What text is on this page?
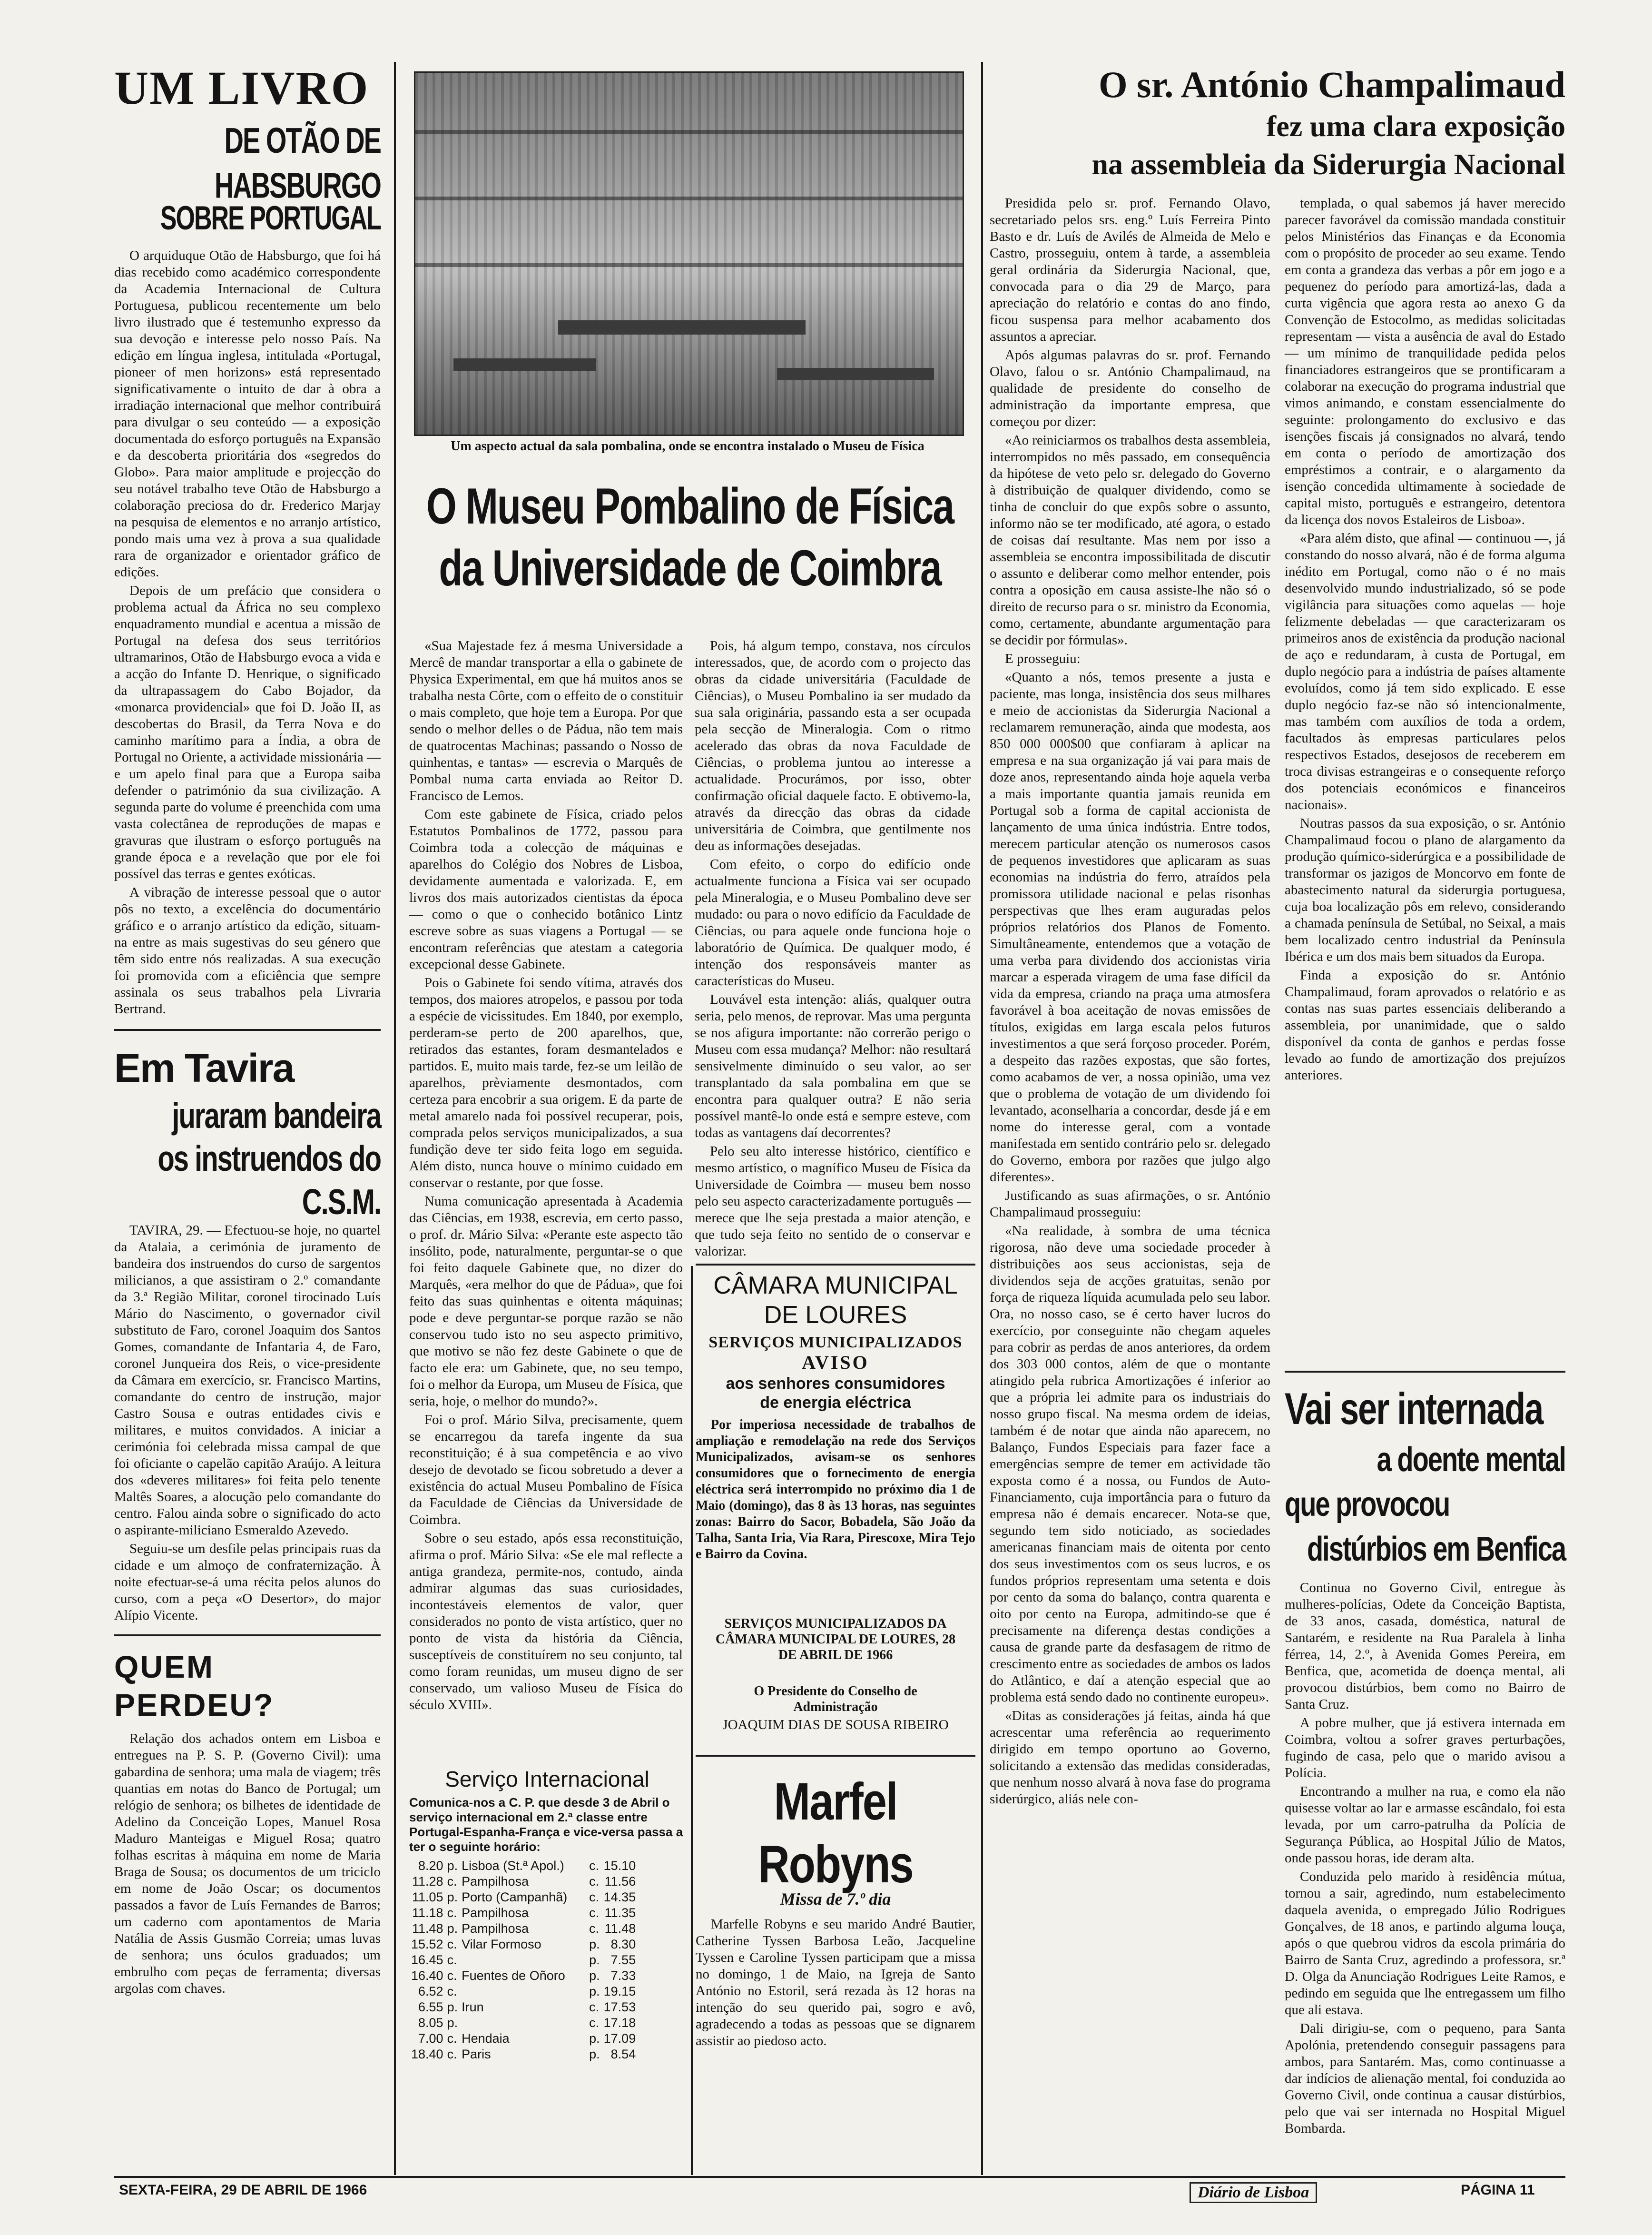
UM LIVRO
DE OTÃO DE HABSBURGO
SOBRE PORTUGAL

O arquiduque Otão de Habsburgo, que foi há dias recebido como académico correspondente da Academia Internacional de Cultura Portuguesa, publicou recentemente um belo livro ilustrado que é testemunho expresso da sua devoção e interesse pelo nosso País. Na edição em língua inglesa, intitulada «Portugal, pioneer of men horizons» está representado significativamente o intuito de dar à obra a irradiação internacional que melhor contribuirá para divulgar o seu conteúdo — a exposição documentada do esforço português na Expansão e da descoberta prioritária dos «segredos do Globo». Para maior amplitude e projecção do seu notável trabalho teve Otão de Habsburgo a colaboração preciosa do dr. Frederico Marjay na pesquisa de elementos e no arranjo artístico, pondo mais uma vez à prova a sua qualidade rara de organizador e orientador gráfico de edições.

Depois de um prefácio que considera o problema actual da África no seu complexo enquadramento mundial e acentua a missão de Portugal na defesa dos seus territórios ultramarinos, Otão de Habsburgo evoca a vida e a acção do Infante D. Henrique, o significado da ultrapassagem do Cabo Bojador, da «monarca providencial» que foi D. João II, as descobertas do Brasil, da Terra Nova e do caminho marítimo para a Índia, a obra de Portugal no Oriente, a actividade missionária — e um apelo final para que a Europa saiba defender o património da sua civilização. A segunda parte do volume é preenchida com uma vasta colectânea de reproduções de mapas e gravuras que ilustram o esforço português na grande época e a revelação que por ele foi possível das terras e gentes exóticas.

A vibração de interesse pessoal que o autor pôs no texto, a excelência do documentário gráfico e o arranjo artístico da edição, situam-na entre as mais sugestivas do seu género que têm sido entre nós realizadas. A sua execução foi promovida com a eficiência que sempre assinala os seus trabalhos pela Livraria Bertrand.

Em Tavira
juraram bandeira
os instruendos do C.S.M.

TAVIRA, 29. — Efectuou-se hoje, no quartel da Atalaia, a cerimónia de juramento de bandeira dos instruendos do curso de sargentos milicianos, a que assistiram o 2.º comandante da 3.ª Região Militar, coronel tirocinado Luís Mário do Nascimento, o governador civil substituto de Faro, coronel Joaquim dos Santos Gomes, comandante de Infantaria 4, de Faro, coronel Junqueira dos Reis, o vice-presidente da Câmara em exercício, sr. Francisco Martins, comandante do centro de instrução, major Castro Sousa e outras entidades civis e militares, e muitos convidados. A iniciar a cerimónia foi celebrada missa campal de que foi oficiante o capelão capitão Araújo. A leitura dos «deveres militares» foi feita pelo tenente Maltês Soares, a alocução pelo comandante do centro. Falou ainda sobre o significado do acto o aspirante-miliciano Esmeraldo Azevedo.

Seguiu-se um desfile pelas principais ruas da cidade e um almoço de confraternização. À noite efectuar-se-á uma récita pelos alunos do curso, com a peça «O Desertor», do major Alípio Vicente.

QUEM PERDEU?

Relação dos achados ontem em Lisboa e entregues na P. S. P. (Governo Civil): uma gabardina de senhora; uma mala de viagem; três quantias em notas do Banco de Portugal; um relógio de senhora; os bilhetes de identidade de Adelino da Conceição Lopes, Manuel Rosa Maduro Manteigas e Miguel Rosa; quatro folhas escritas à máquina em nome de Maria Braga de Sousa; os documentos de um triciclo em nome de João Oscar; os documentos passados a favor de Luís Fernandes de Barros; um caderno com apontamentos de Maria Natália de Assis Gusmão Correia; umas luvas de senhora; uns óculos graduados; um embrulho com peças de ferramenta; diversas argolas com chaves.

Um aspecto actual da sala pombalina, onde se encontra instalado o Museu de Física
O Museu Pombalino de Física
da Universidade de Coimbra

«Sua Majestade fez á mesma Universidade a Mercê de mandar transportar a ella o gabinete de Physica Experimental, em que há muitos anos se trabalha nesta Côrte, com o effeito de o constituir o mais completo, que hoje tem a Europa. Por que sendo o melhor delles o de Pádua, não tem mais de quatrocentas Machinas; passando o Nosso de quinhentas, e tantas» — escrevia o Marquês de Pombal numa carta enviada ao Reitor D. Francisco de Lemos.

Com este gabinete de Física, criado pelos Estatutos Pombalinos de 1772, passou para Coimbra toda a colecção de máquinas e aparelhos do Colégio dos Nobres de Lisboa, devidamente aumentada e valorizada. E, em livros dos mais autorizados cientistas da época — como o que o conhecido botânico Lintz escreve sobre as suas viagens a Portugal — se encontram referências que atestam a categoria excepcional desse Gabinete.

Pois o Gabinete foi sendo vítima, através dos tempos, dos maiores atropelos, e passou por toda a espécie de vicissitudes. Em 1840, por exemplo, perderam-se perto de 200 aparelhos, que, retirados das estantes, foram desmantelados e partidos. E, muito mais tarde, fez-se um leilão de aparelhos, prèviamente desmontados, com certeza para encobrir a sua origem. E da parte de metal amarelo nada foi possível recuperar, pois, comprada pelos serviços municipalizados, a sua fundição deve ter sido feita logo em seguida. Além disto, nunca houve o mínimo cuidado em conservar o restante, por que fosse.

Numa comunicação apresentada à Academia das Ciências, em 1938, escrevia, em certo passo, o prof. dr. Mário Silva: «Perante este aspecto tão insólito, pode, naturalmente, perguntar-se o que foi feito daquele Gabinete que, no dizer do Marquês, «era melhor do que de Pádua», que foi feito das suas quinhentas e oitenta máquinas; pode e deve perguntar-se porque razão se não conservou tudo isto no seu aspecto primitivo, que motivo se não fez deste Gabinete o que de facto ele era: um Gabinete, que, no seu tempo, foi o melhor da Europa, um Museu de Física, que seria, hoje, o melhor do mundo?».

Foi o prof. Mário Silva, precisamente, quem se encarregou da tarefa ingente da sua reconstituição; é à sua competência e ao vivo desejo de devotado se ficou sobretudo a dever a existência do actual Museu Pombalino de Física da Faculdade de Ciências da Universidade de Coimbra.

Sobre o seu estado, após essa reconstituição, afirma o prof. Mário Silva: «Se ele mal reflecte a antiga grandeza, permite-nos, contudo, ainda admirar algumas das suas curiosidades, incontestáveis elementos de valor, quer considerados no ponto de vista artístico, quer no ponto de vista da história da Ciência, susceptíveis de constituírem no seu conjunto, tal como foram reunidas, um museu digno de ser conservado, um valioso Museu de Física do século XVIII».

Pois, há algum tempo, constava, nos círculos interessados, que, de acordo com o projecto das obras da cidade universitária (Faculdade de Ciências), o Museu Pombalino ia ser mudado da sua sala originária, passando esta a ser ocupada pela secção de Mineralogia. Com o ritmo acelerado das obras da nova Faculdade de Ciências, o problema juntou ao interesse a actualidade. Procurámos, por isso, obter confirmação oficial daquele facto. E obtivemo-la, através da direcção das obras da cidade universitária de Coimbra, que gentilmente nos deu as informações desejadas.

Com efeito, o corpo do edifício onde actualmente funciona a Física vai ser ocupado pela Mineralogia, e o Museu Pombalino deve ser mudado: ou para o novo edifício da Faculdade de Ciências, ou para aquele onde funciona hoje o laboratório de Química. De qualquer modo, é intenção dos responsáveis manter as características do Museu.

Louvável esta intenção: aliás, qualquer outra seria, pelo menos, de reprovar. Mas uma pergunta se nos afigura importante: não correrão perigo o Museu com essa mudança? Melhor: não resultará sensivelmente diminuído o seu valor, ao ser transplantado da sala pombalina em que se encontra para qualquer outra? E não seria possível mantê-lo onde está e sempre esteve, com todas as vantagens daí decorrentes?

Pelo seu alto interesse histórico, científico e mesmo artístico, o magnífico Museu de Física da Universidade de Coimbra — museu bem nosso pelo seu aspecto caracterizadamente português — merece que lhe seja prestada a maior atenção, e que tudo seja feito no sentido de o conservar e valorizar.

CÂMARA MUNICIPAL
DE LOURES
SERVIÇOS MUNICIPALIZADOS
AVISO
aos senhores consumidores
de energia eléctrica

Por imperiosa necessidade de trabalhos de ampliação e remodelação na rede dos Serviços Municipalizados, avisam-se os senhores consumidores que o fornecimento de energia eléctrica será interrompido no próximo dia 1 de Maio (domingo), das 8 às 13 horas, nas seguintes zonas: Bairro do Sacor, Bobadela, São João da Talha, Santa Iria, Via Rara, Pirescoxe, Mira Tejo e Bairro da Covina.

SERVIÇOS MUNICIPALIZADOS DA CÂMARA MUNICIPAL DE LOURES, 28 DE ABRIL DE 1966
O Presidente do Conselho de Administração
JOAQUIM DIAS DE SOUSA RIBEIRO
Serviço Internacional
Comunica-nos a C. P. que desde 3 de Abril o serviço internacional em 2.ª classe entre Portugal-Espanha-França e vice-versa passa a ter o seguinte horário:
8.20	p.	Lisboa (St.ª Apol.)	c.	15.10
11.28	c.	Pampilhosa	c.	11.56
11.05	p.	Porto (Campanhã)	c.	14.35
11.18	c.	Pampilhosa	c.	11.35
11.48	p.	Pampilhosa	c.	11.48
15.52	c.	Vilar Formoso	p.	8.30
16.45	c.		p.	7.55
16.40	c.	Fuentes de Oñoro	p.	7.33
6.52	c.		p.	19.15
6.55	p.	Irun	c.	17.53
8.05	p.		c.	17.18
7.00	c.	Hendaia	p.	17.09
18.40	c.	Paris	p.	8.54
Marfel Robyns
Missa de 7.º dia

Marfelle Robyns e seu marido André Bautier, Catherine Tyssen Barbosa Leão, Jacqueline Tyssen e Caroline Tyssen participam que a missa no domingo, 1 de Maio, na Igreja de Santo António no Estoril, será rezada às 12 horas na intenção do seu querido pai, sogro e avô, agradecendo a todas as pessoas que se dignarem assistir ao piedoso acto.

O sr. António Champalimaud
fez uma clara exposição
na assembleia da Siderurgia Nacional

Presidida pelo sr. prof. Fernando Olavo, secretariado pelos srs. eng.º Luís Ferreira Pinto Basto e dr. Luís de Avilés de Almeida de Melo e Castro, prosseguiu, ontem à tarde, a assembleia geral ordinária da Siderurgia Nacional, que, convocada para o dia 29 de Março, para apreciação do relatório e contas do ano findo, ficou suspensa para melhor acabamento dos assuntos a apreciar.

Após algumas palavras do sr. prof. Fernando Olavo, falou o sr. António Champalimaud, na qualidade de presidente do conselho de administração da importante empresa, que começou por dizer:

«Ao reiniciarmos os trabalhos desta assembleia, interrompidos no mês passado, em consequência da hipótese de veto pelo sr. delegado do Governo à distribuição de qualquer dividendo, como se tinha de concluir do que expôs sobre o assunto, informo não se ter modificado, até agora, o estado de coisas daí resultante. Mas nem por isso a assembleia se encontra impossibilitada de discutir o assunto e deliberar como melhor entender, pois contra a oposição em causa assiste-lhe não só o direito de recurso para o sr. ministro da Economia, como, certamente, abundante argumentação para se decidir por fórmulas».

E prosseguiu:

«Quanto a nós, temos presente a justa e paciente, mas longa, insistência dos seus milhares e meio de accionistas da Siderurgia Nacional a reclamarem remuneração, ainda que modesta, aos 850 000 000$00 que confiaram à aplicar na empresa e na sua organização já vai para mais de doze anos, representando ainda hoje aquela verba a mais importante quantia jamais reunida em Portugal sob a forma de capital accionista de lançamento de uma única indústria. Entre todos, merecem particular atenção os numerosos casos de pequenos investidores que aplicaram as suas economias na indústria do ferro, atraídos pela promissora utilidade nacional e pelas risonhas perspectivas que lhes eram auguradas pelos próprios relatórios dos Planos de Fomento. Simultâneamente, entendemos que a votação de uma verba para dividendo dos accionistas viria marcar a esperada viragem de uma fase difícil da vida da empresa, criando na praça uma atmosfera favorável à boa aceitação de novas emissões de títulos, exigidas em larga escala pelos futuros investimentos a que será forçoso proceder. Porém, a despeito das razões expostas, que são fortes, como acabamos de ver, a nossa opinião, uma vez que o problema de votação de um dividendo foi levantado, aconselharia a concordar, desde já e em nome do interesse geral, com a vontade manifestada em sentido contrário pelo sr. delegado do Governo, embora por razões que julgo algo diferentes».

Justificando as suas afirmações, o sr. António Champalimaud prosseguiu:

«Na realidade, à sombra de uma técnica rigorosa, não deve uma sociedade proceder à distribuições aos seus accionistas, seja de dividendos seja de acções gratuitas, senão por força de riqueza líquida acumulada pelo seu labor. Ora, no nosso caso, se é certo haver lucros do exercício, por conseguinte não chegam aqueles para cobrir as perdas de anos anteriores, da ordem dos 303 000 contos, além de que o montante atingido pela rubrica Amortizações é inferior ao que a própria lei admite para os industriais do nosso grupo fiscal. Na mesma ordem de ideias, também é de notar que ainda não aparecem, no Balanço, Fundos Especiais para fazer face a emergências sempre de temer em actividade tão exposta como é a nossa, ou Fundos de Auto-Financiamento, cuja importância para o futuro da empresa não é demais encarecer. Nota-se que, segundo tem sido noticiado, as sociedades americanas financiam mais de oitenta por cento dos seus investimentos com os seus lucros, e os fundos próprios representam uma setenta e dois por cento da soma do balanço, contra quarenta e oito por cento na Europa, admitindo-se que é precisamente na diferença destas condições a causa de grande parte da desfasagem de ritmo de crescimento entre as sociedades de ambos os lados do Atlântico, e daí a atenção especial que ao problema está sendo dado no continente europeu».

«Ditas as considerações já feitas, ainda há que acrescentar uma referência ao requerimento dirigido em tempo oportuno ao Governo, solicitando a extensão das medidas consideradas, que nenhum nosso alvará à nova fase do programa siderúrgico, aliás nele con-

templada, o qual sabemos já haver merecido parecer favorável da comissão mandada constituir pelos Ministérios das Finanças e da Economia com o propósito de proceder ao seu exame. Tendo em conta a grandeza das verbas a pôr em jogo e a pequenez do período para amortizá-las, dada a curta vigência que agora resta ao anexo G da Convenção de Estocolmo, as medidas solicitadas representam — vista a ausência de aval do Estado — um mínimo de tranquilidade pedida pelos financiadores estrangeiros que se prontificaram a colaborar na execução do programa industrial que vimos animando, e constam essencialmente do seguinte: prolongamento do exclusivo e das isenções fiscais já consignados no alvará, tendo em conta o período de amortização dos empréstimos a contrair, e o alargamento da isenção concedida ultimamente à sociedade de capital misto, português e estrangeiro, detentora da licença dos novos Estaleiros de Lisboa».

«Para além disto, que afinal — continuou —, já constando do nosso alvará, não é de forma alguma inédito em Portugal, como não o é no mais desenvolvido mundo industrializado, só se pode vigilância para situações como aquelas — hoje felizmente debeladas — que caracterizaram os primeiros anos de existência da produção nacional de aço e redundaram, à custa de Portugal, em duplo negócio para a indústria de países altamente evoluídos, como já tem sido explicado. E esse duplo negócio faz-se não só intencionalmente, mas também com auxílios de toda a ordem, facultados às empresas particulares pelos respectivos Estados, desejosos de receberem em troca divisas estrangeiras e o consequente reforço dos potenciais económicos e financeiros nacionais».

Noutras passos da sua exposição, o sr. António Champalimaud focou o plano de alargamento da produção químico-siderúrgica e a possibilidade de transformar os jazigos de Moncorvo em fonte de abastecimento natural da siderurgia portuguesa, cuja boa localização pôs em relevo, considerando a chamada península de Setúbal, no Seixal, a mais bem localizado centro industrial da Península Ibérica e um dos mais bem situados da Europa.

Finda a exposição do sr. António Champalimaud, foram aprovados o relatório e as contas nas suas partes essenciais deliberando a assembleia, por unanimidade, que o saldo disponível da conta de ganhos e perdas fosse levado ao fundo de amortização dos prejuízos anteriores.

Vai ser internada
a doente mental
que provocou
distúrbios em Benfica

Continua no Governo Civil, entregue às mulheres-polícias, Odete da Conceição Baptista, de 33 anos, casada, doméstica, natural de Santarém, e residente na Rua Paralela à linha férrea, 14, 2.º, à Avenida Gomes Pereira, em Benfica, que, acometida de doença mental, ali provocou distúrbios, bem como no Bairro de Santa Cruz.

A pobre mulher, que já estivera internada em Coimbra, voltou a sofrer graves perturbações, fugindo de casa, pelo que o marido avisou a Polícia.

Encontrando a mulher na rua, e como ela não quisesse voltar ao lar e armasse escândalo, foi esta levada, por um carro-patrulha da Polícia de Segurança Pública, ao Hospital Júlio de Matos, onde passou horas, ide deram alta.

Conduzida pelo marido à residência mútua, tornou a sair, agredindo, num estabelecimento daquela avenida, o empregado Júlio Rodrigues Gonçalves, de 18 anos, e partindo alguma louça, após o que quebrou vidros da escola primária do Bairro de Santa Cruz, agredindo a professora, sr.ª D. Olga da Anunciação Rodrigues Leite Ramos, e pedindo em seguida que lhe entregassem um filho que ali estava.

Dali dirigiu-se, com o pequeno, para Santa Apolónia, pretendendo conseguir passagens para ambos, para Santarém. Mas, como continuasse a dar indícios de alienação mental, foi conduzida ao Governo Civil, onde continua a causar distúrbios, pelo que vai ser internada no Hospital Miguel Bombarda.

SEXTA-FEIRA, 29 DE ABRIL DE 1966	Diário de Lisboa	PÁGINA 11
